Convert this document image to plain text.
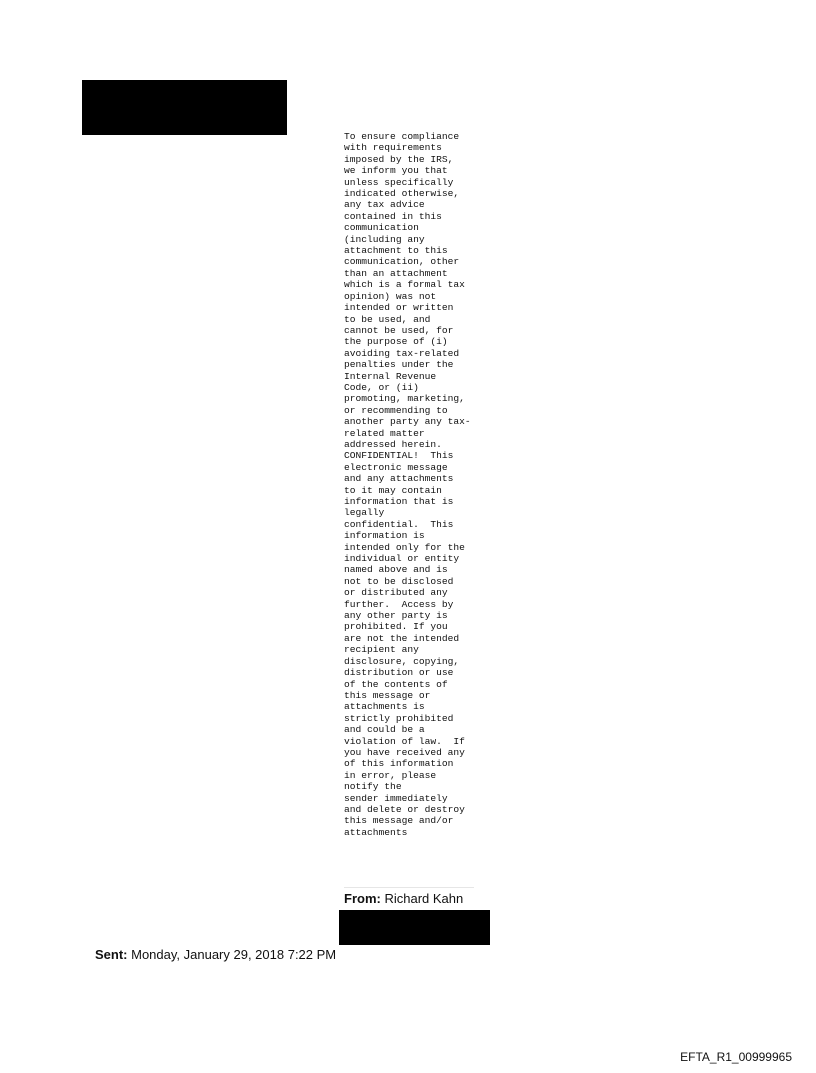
To ensure compliance
with requirements
imposed by the IRS,
we inform you that
unless specifically
indicated otherwise,
any tax advice
contained in this
communication
(including any
attachment to this
communication, other
than an attachment
which is a formal tax
opinion) was not
intended or written
to be used, and
cannot be used, for
the purpose of (i)
avoiding tax-related
penalties under the
Internal Revenue
Code, or (ii)
promoting, marketing,
or recommending to
another party any tax-
related matter
addressed herein.
CONFIDENTIAL!  This
electronic message
and any attachments
to it may contain
information that is
legally
confidential.  This
information is
intended only for the
individual or entity
named above and is
not to be disclosed
or distributed any
further.  Access by
any other party is
prohibited. If you
are not the intended
recipient any
disclosure, copying,
distribution or use
of the contents of
this message or
attachments is
strictly prohibited
and could be a
violation of law.  If
you have received any
of this information
in error, please
notify the
sender immediately
and delete or destroy
this message and/or
attachments
From: Richard Kahn
Sent: Monday, January 29, 2018 7:22 PM
EFTA_R1_00999965
